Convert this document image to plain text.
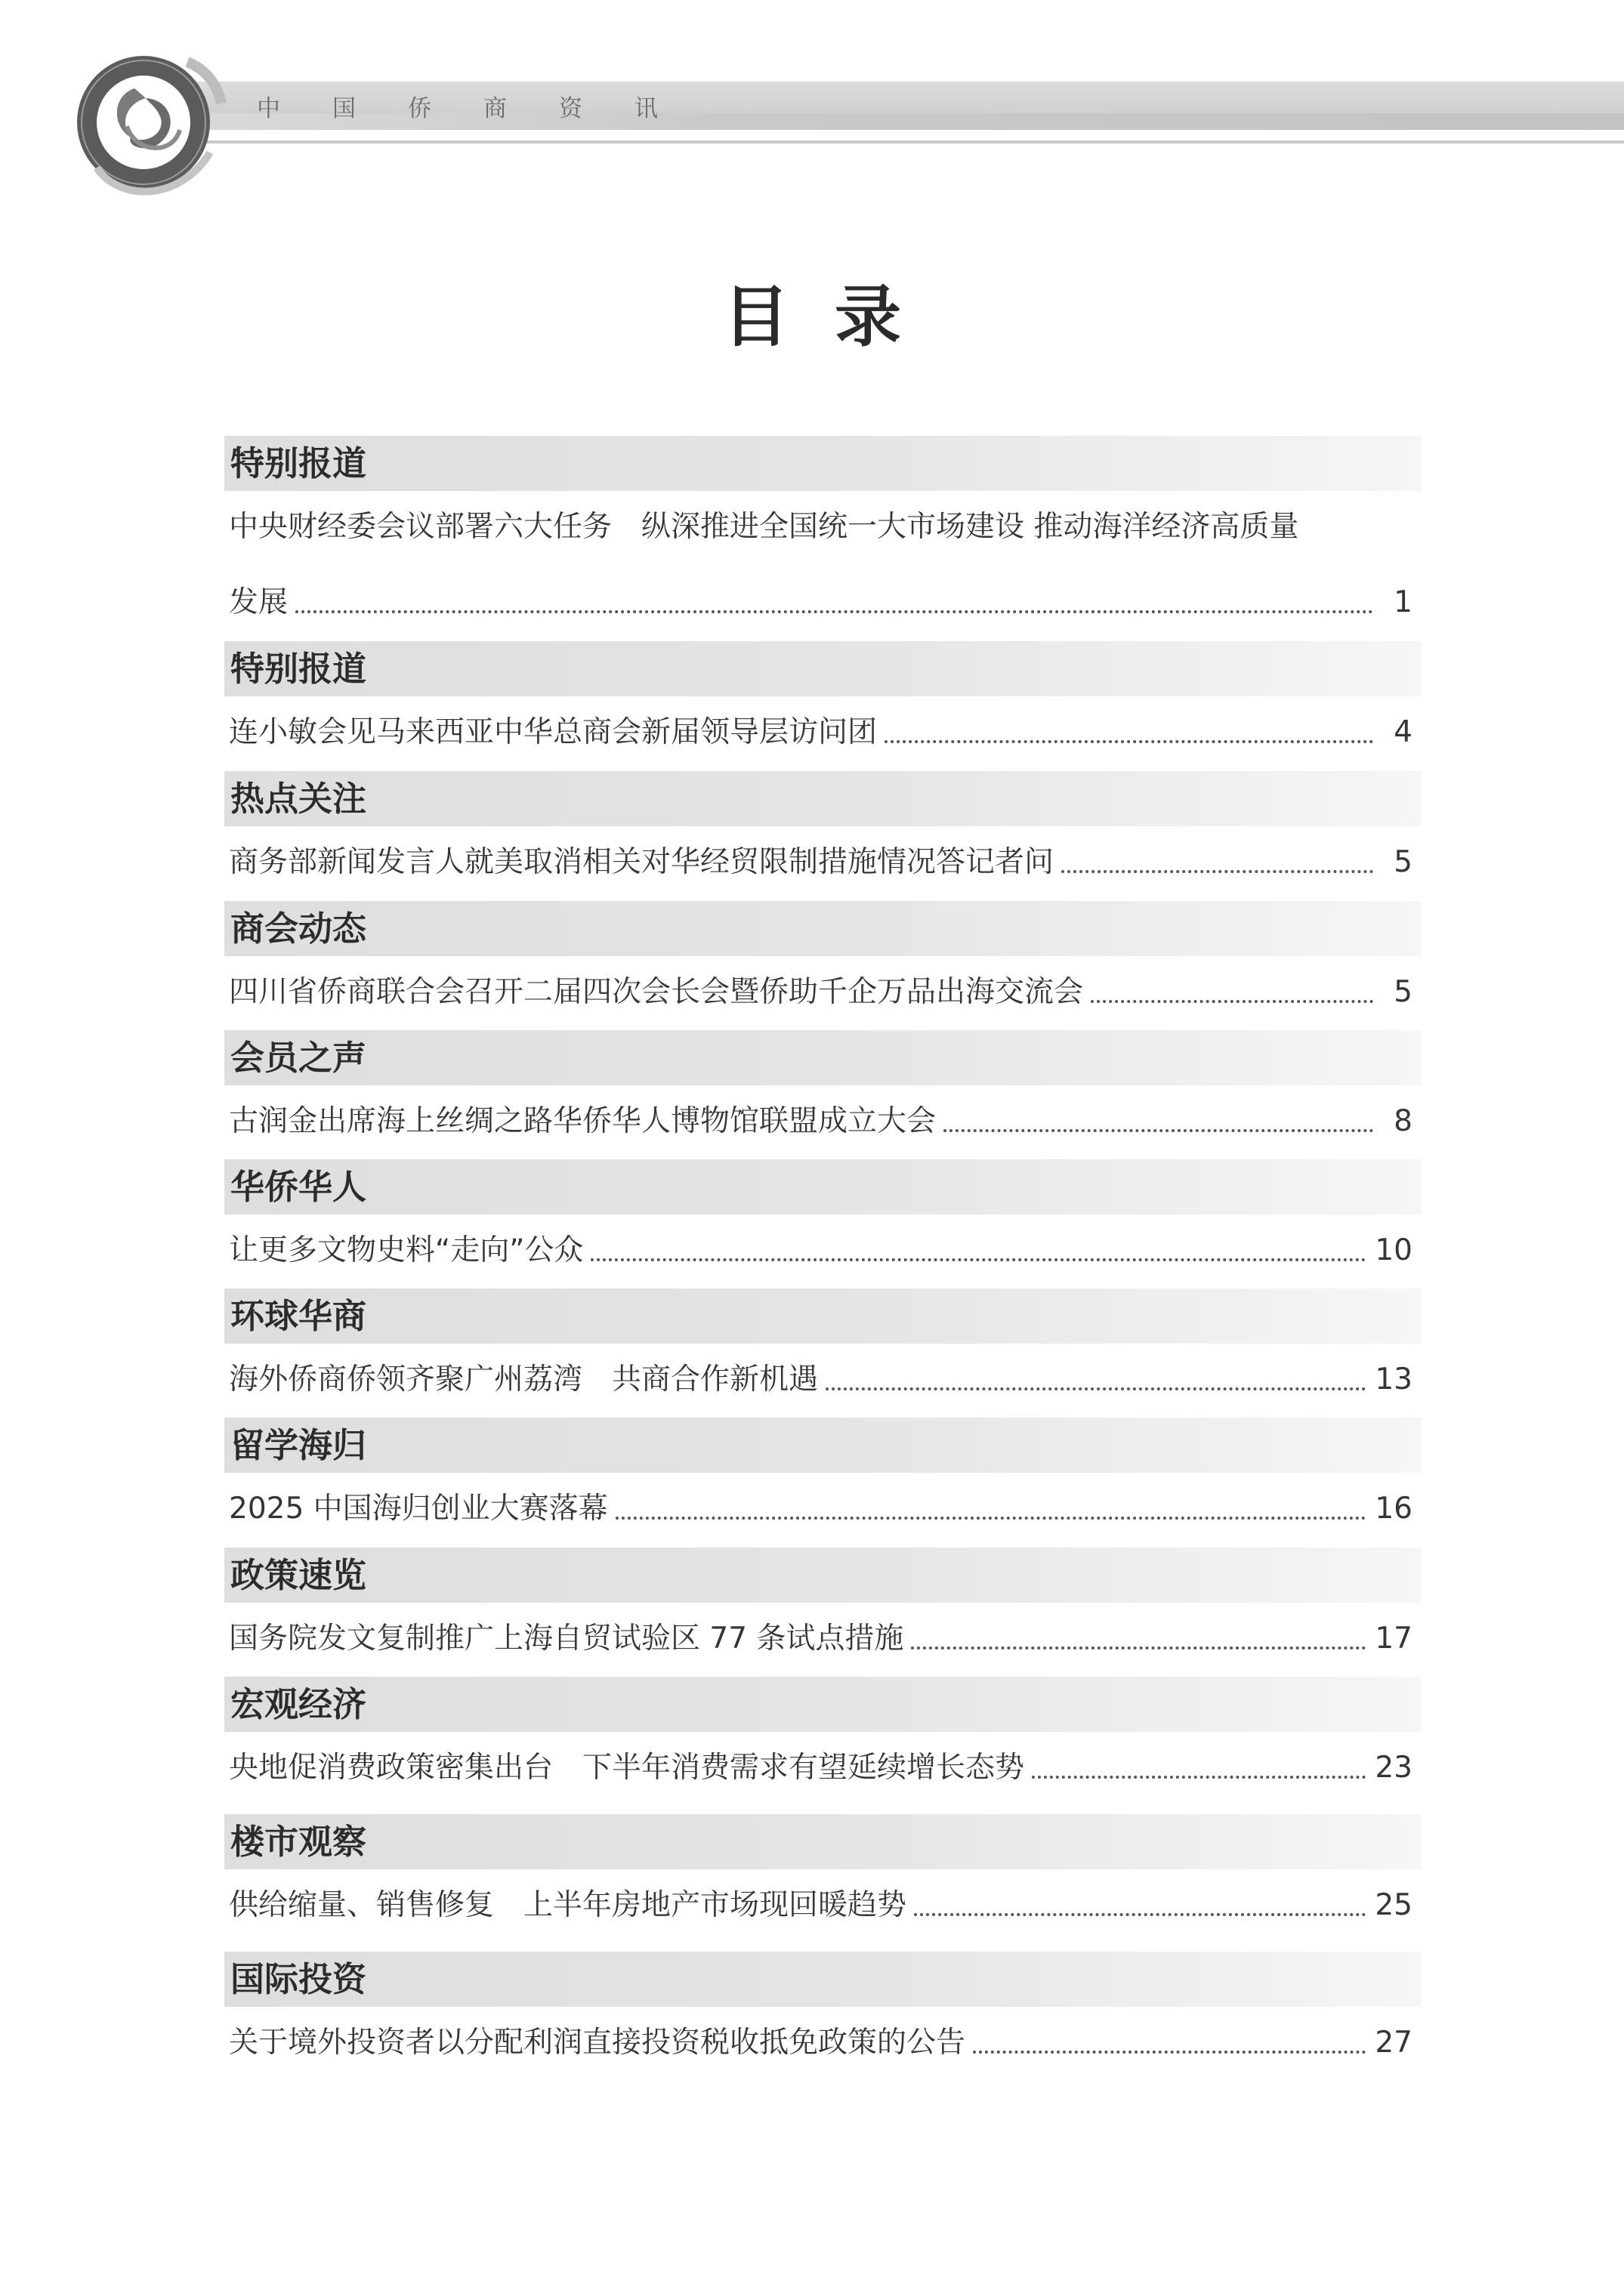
中 国 侨 商 资 讯
目录
特别报道
中央财经委会议部署六大任务　纵深推进全国统一大市场建设 推动海洋经济高质量
发展	1
特别报道
连小敏会见马来西亚中华总商会新届领导层访问团	4
热点关注
商务部新闻发言人就美取消相关对华经贸限制措施情况答记者问	5
商会动态
四川省侨商联合会召开二届四次会长会暨侨助千企万品出海交流会	5
会员之声
古润金出席海上丝绸之路华侨华人博物馆联盟成立大会	8
华侨华人
让更多文物史料“走向”公众	10
环球华商
海外侨商侨领齐聚广州荔湾　共商合作新机遇	13
留学海归
2025 中国海归创业大赛落幕	16
政策速览
国务院发文复制推广上海自贸试验区 77 条试点措施	17
宏观经济
央地促消费政策密集出台　下半年消费需求有望延续增长态势	23
楼市观察
供给缩量、销售修复　上半年房地产市场现回暖趋势	25
国际投资
关于境外投资者以分配利润直接投资税收抵免政策的公告	27
